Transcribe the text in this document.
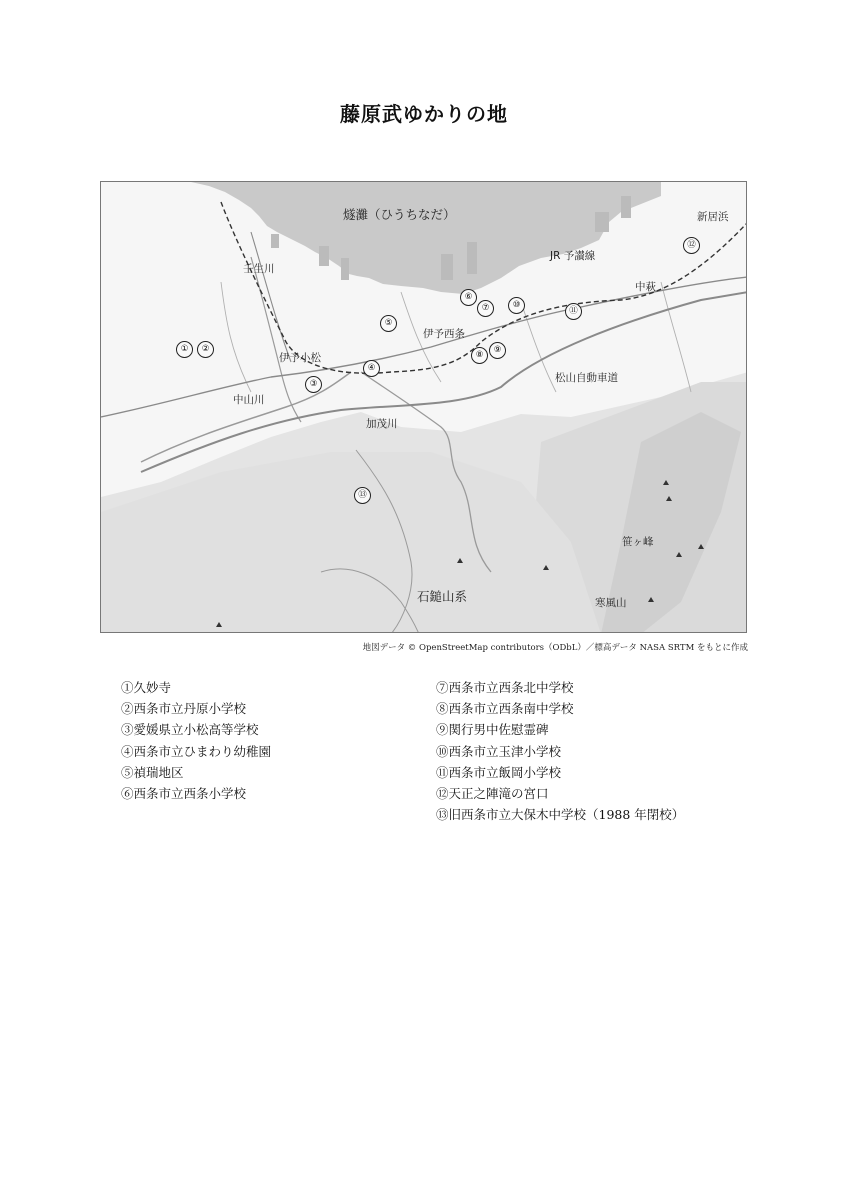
藤原武ゆかりの地
燧灘（ひうちなだ）	新居浜
JR 予讃線
壬生川
中萩
伊予西条
伊予小松
松山自動車道
中山川
加茂川
笹ヶ峰
石鎚山系	寒風山
①	②
③
④
⑤
⑥
⑦
⑧	⑨
⑩
⑪
⑫
⑬
地図データ © OpenStreetMap contributors（ODbL）／標高データ NASA SRTM をもとに作成
①久妙寺
②西条市立丹原小学校
③愛媛県立小松高等学校
④西条市立ひまわり幼稚園
⑤禎瑞地区
⑥西条市立西条小学校
⑦西条市立西条北中学校
⑧西条市立西条南中学校
⑨関行男中佐慰霊碑
⑩西条市立玉津小学校
⑪西条市立飯岡小学校
⑫天正之陣滝の宮口
⑬旧西条市立大保木中学校（1988 年閉校）
